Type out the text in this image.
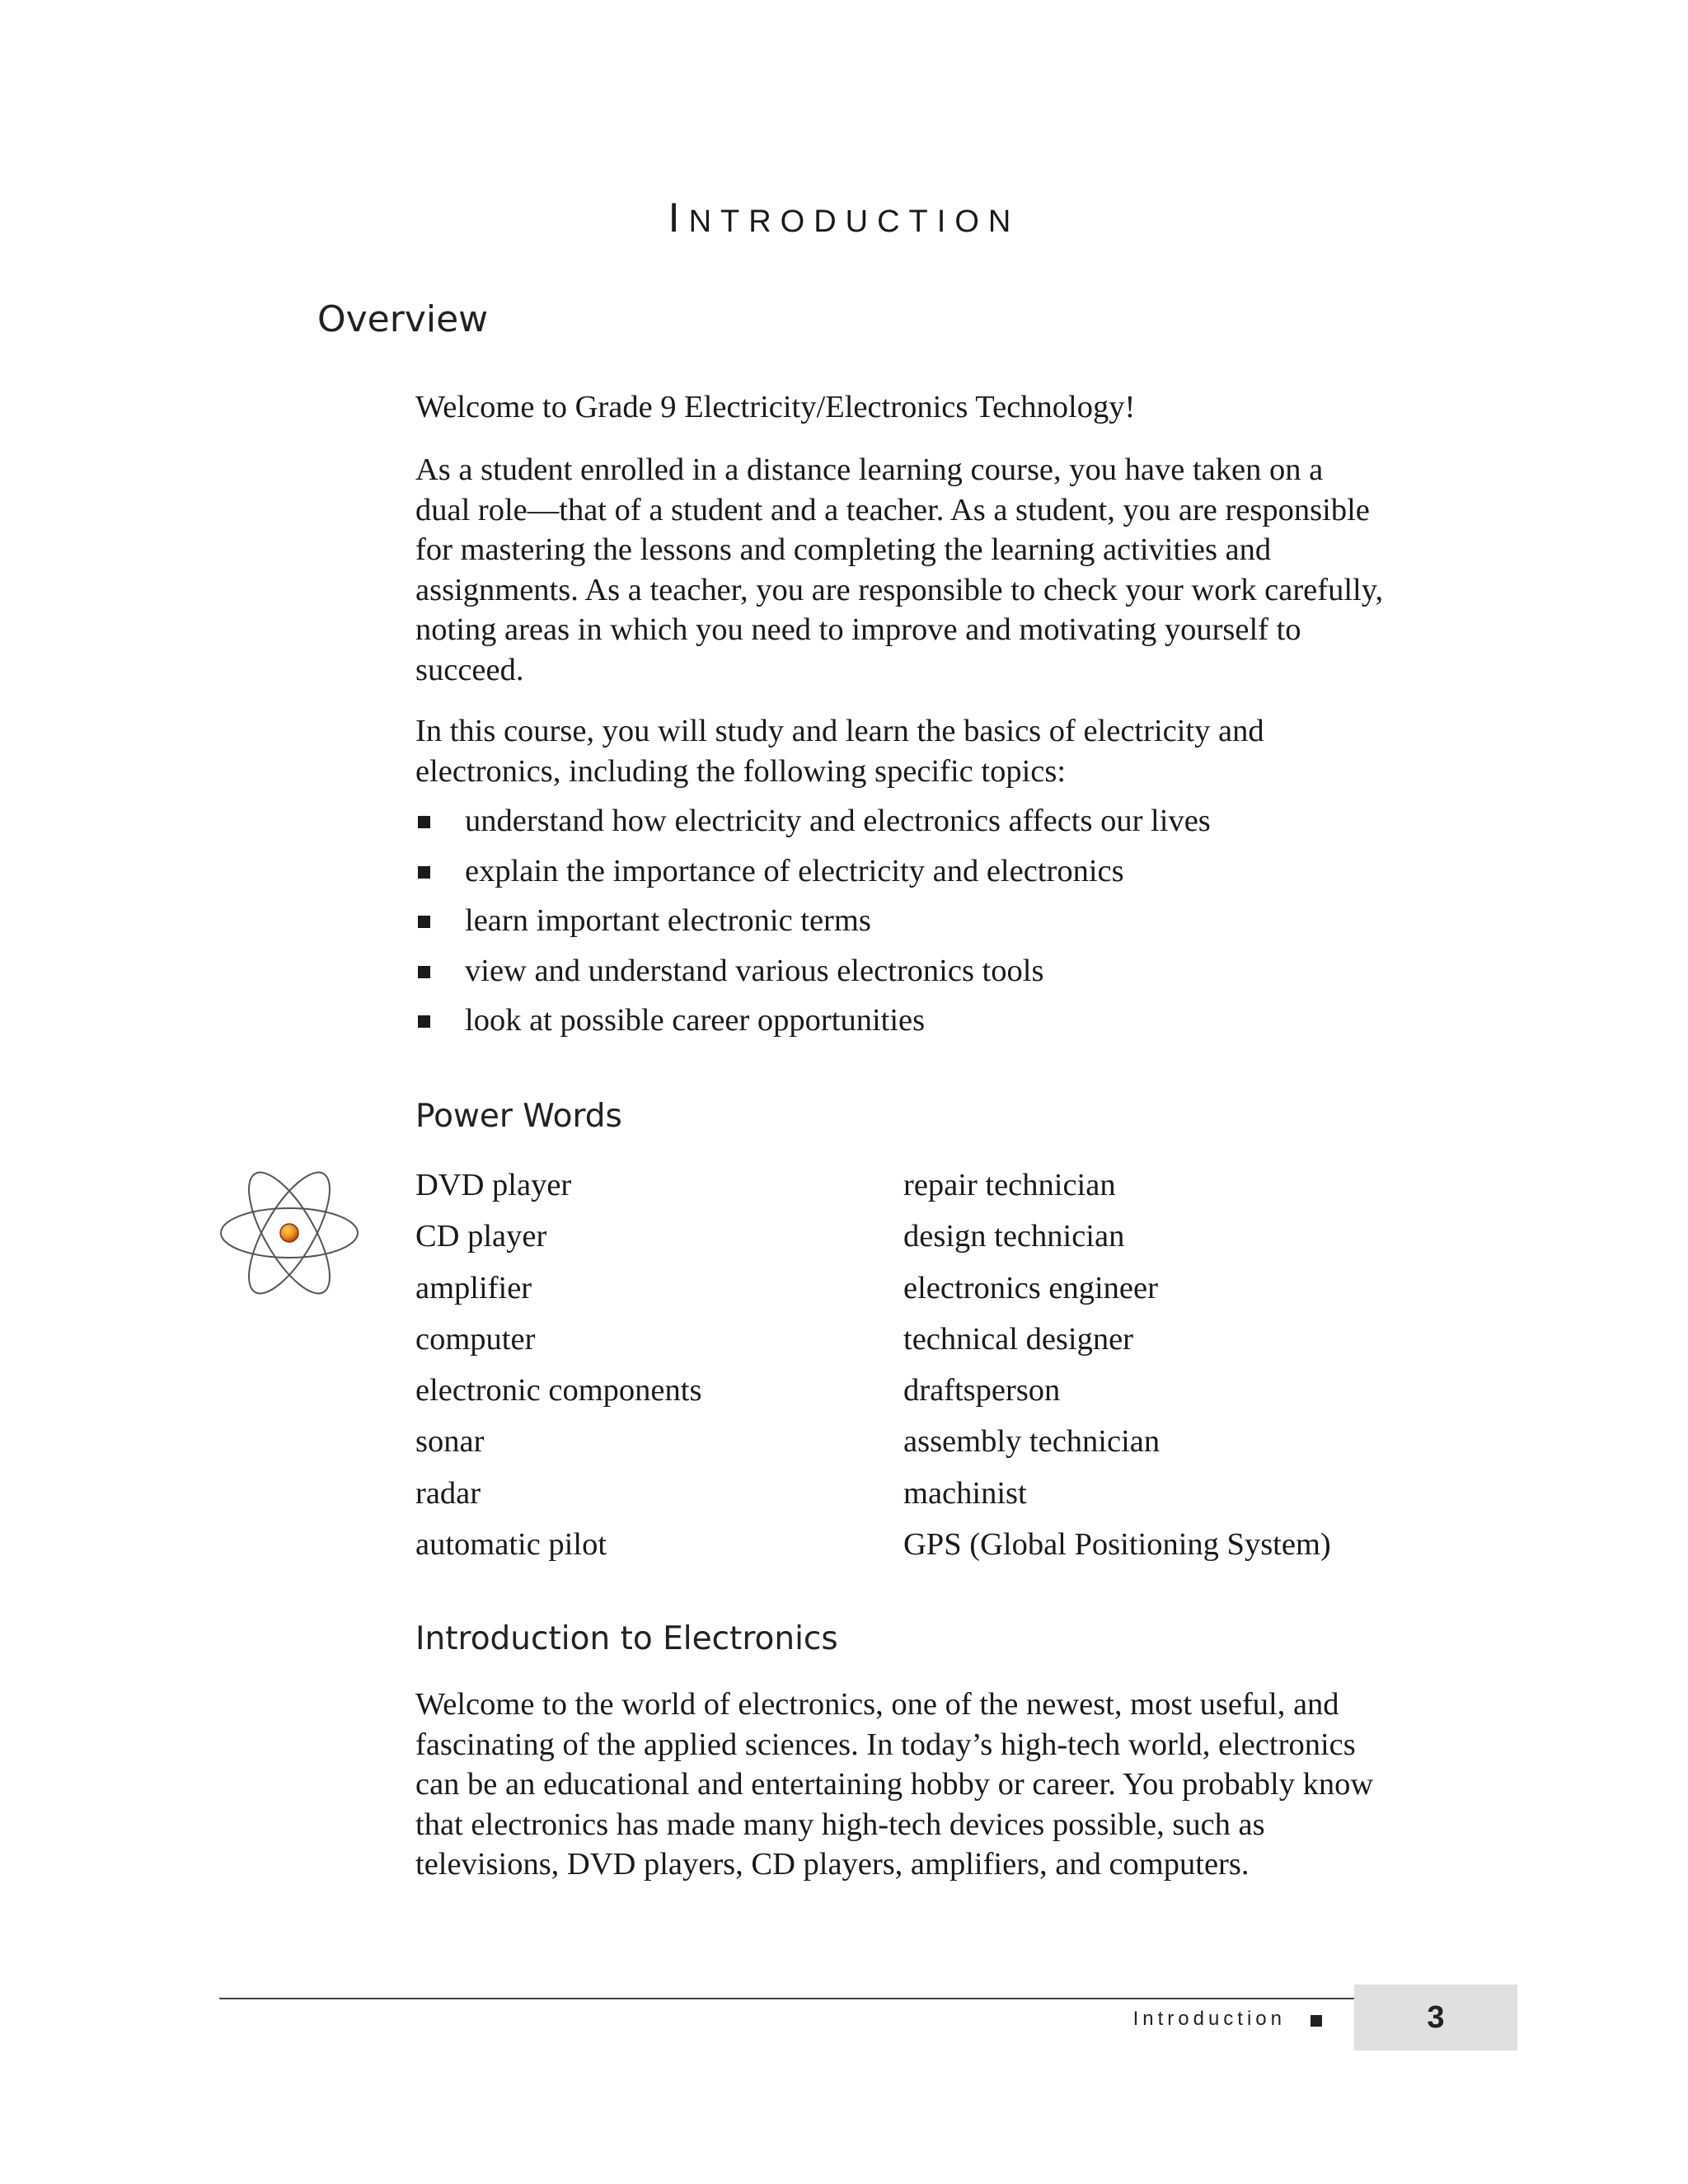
INTRODUCTION
Overview

Welcome to Grade 9 Electricity/Electronics Technology!

As a student enrolled in a distance learning course, you have taken on a
dual role—that of a student and a teacher. As a student, you are responsible
for mastering the lessons and completing the learning activities and
assignments. As a teacher, you are responsible to check your work carefully,
noting areas in which you need to improve and motivating yourself to
succeed.
In this course, you will study and learn the basics of electricity and
electronics, including the following specific topics:
understand how electricity and electronics affects our lives
explain the importance of electricity and electronics
learn important electronic terms
view and understand various electronics tools
look at possible career opportunities
Power Words
DVD player
CD player
amplifier
computer
electronic components
sonar
radar
automatic pilot
repair technician
design technician
electronics engineer
technical designer
draftsperson
assembly technician
machinist
GPS (Global Positioning System)
Introduction to Electronics
Welcome to the world of electronics, one of the newest, most useful, and
fascinating of the applied sciences. In today’s high-tech world, electronics
can be an educational and entertaining hobby or career. You probably know
that electronics has made many high-tech devices possible, such as
televisions, DVD players, CD players, amplifiers, and computers.
Introduction	3
